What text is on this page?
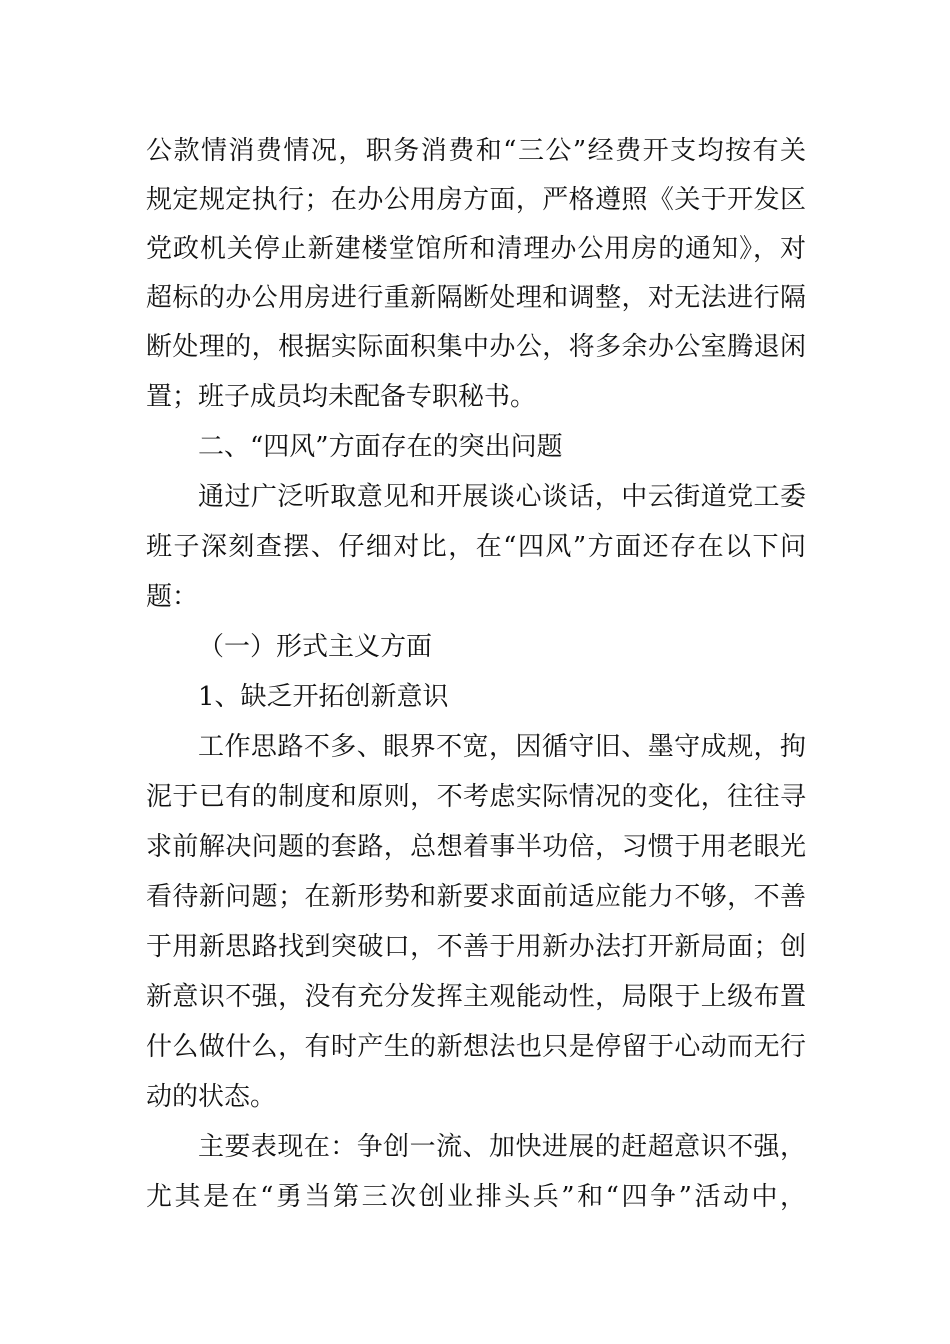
公款情消费情况，职务消费和“三公”经费开支均按有关
规定规定执行；在办公用房方面，严格遵照《关于开发区
党政机关停止新建楼堂馆所和清理办公用房的通知》，对
超标的办公用房进行重新隔断处理和调整，对无法进行隔
断处理的，根据实际面积集中办公，将多余办公室腾退闲
置；班子成员均未配备专职秘书。
二、“四风”方面存在的突出问题
通过广泛听取意见和开展谈心谈话，中云街道党工委
班子深刻查摆、仔细对比，在“四风”方面还存在以下问
题：
（一）形式主义方面
1、缺乏开拓创新意识
工作思路不多、眼界不宽，因循守旧、墨守成规，拘
泥于已有的制度和原则，不考虑实际情况的变化，往往寻
求前解决问题的套路，总想着事半功倍，习惯于用老眼光
看待新问题；在新形势和新要求面前适应能力不够，不善
于用新思路找到突破口，不善于用新办法打开新局面；创
新意识不强，没有充分发挥主观能动性，局限于上级布置
什么做什么，有时产生的新想法也只是停留于心动而无行
动的状态。
主要表现在：争创一流、加快进展的赶超意识不强，
尤其是在“勇当第三次创业排头兵”和“四争”活动中，
